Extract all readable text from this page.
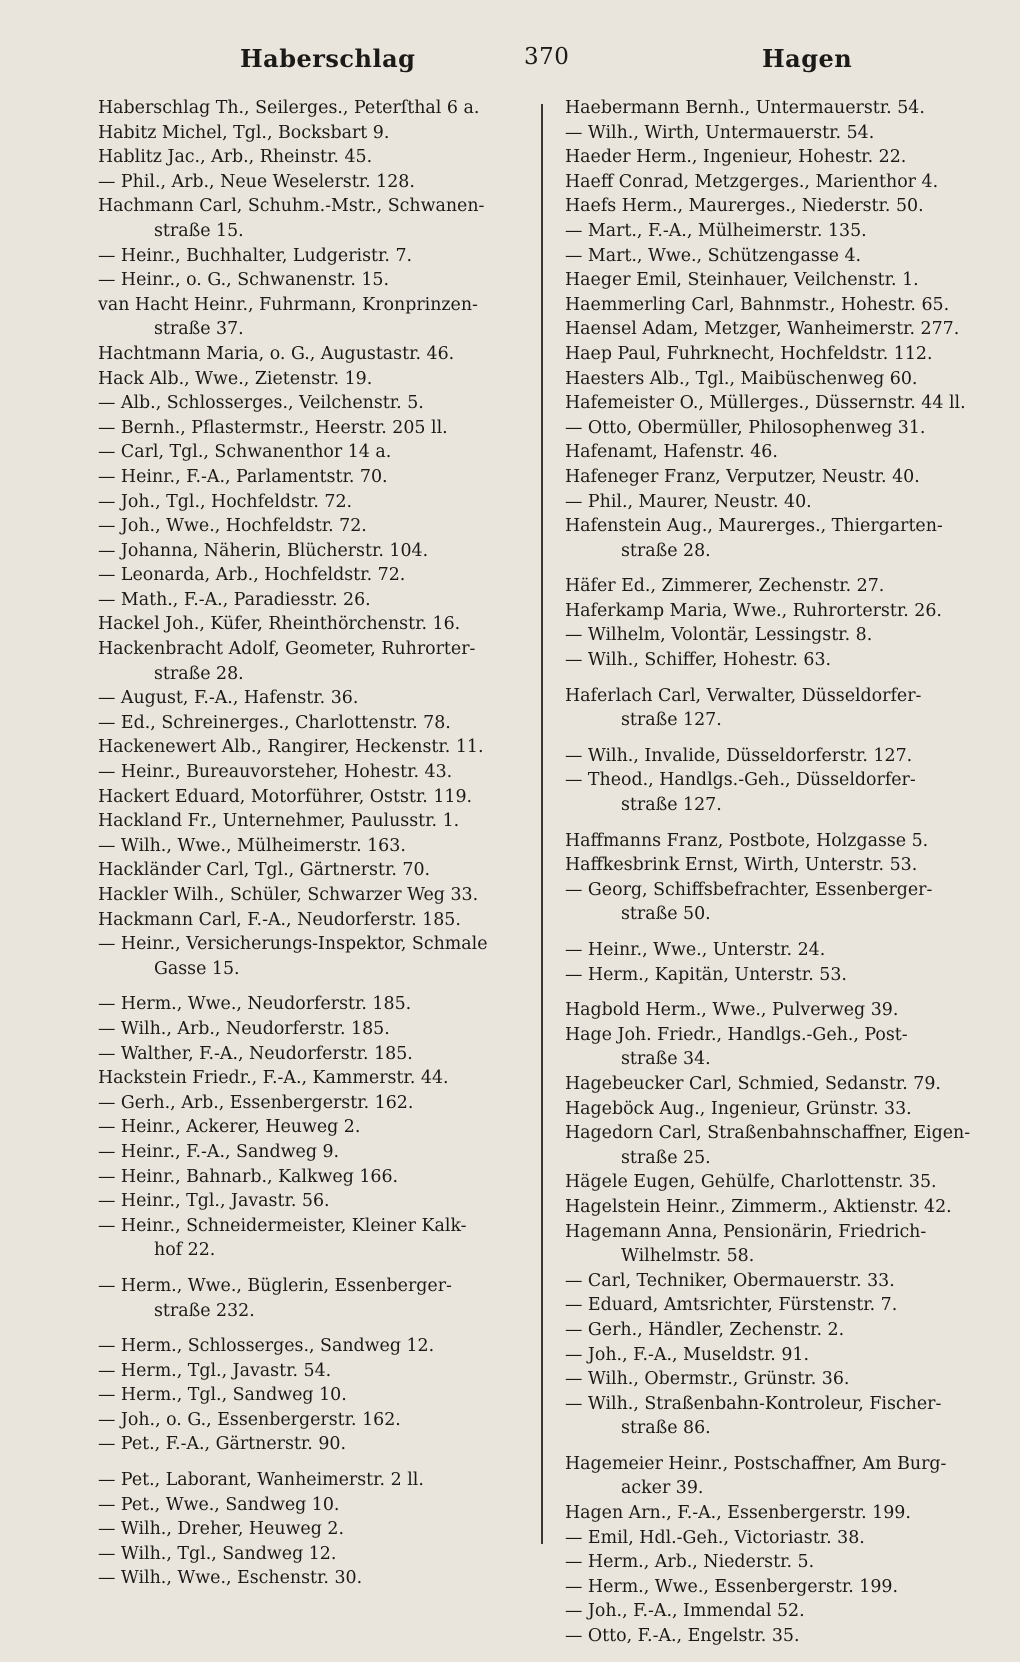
Haberschlag	370	Hagen
Haberschlag Th., Seilerges., Peterſthal 6 a.
Habitz Michel, Tgl., Bocksbart 9.
Hablitz Jac., Arb., Rheinstr. 45.
— Phil., Arb., Neue Weselerstr. 128.
Hachmann Carl, Schuhm.-Mstr., Schwanen-
straße 15.
— Heinr., Buchhalter, Ludgeristr. 7.
— Heinr., o. G., Schwanenstr. 15.
van Hacht Heinr., Fuhrmann, Kronprinzen-
straße 37.
Hachtmann Maria, o. G., Augustastr. 46.
Hack Alb., Wwe., Zietenstr. 19.
— Alb., Schlosserges., Veilchenstr. 5.
— Bernh., Pflastermstr., Heerstr. 205 ll.
— Carl, Tgl., Schwanenthor 14 a.
— Heinr., F.-A., Parlamentstr. 70.
— Joh., Tgl., Hochfeldstr. 72.
— Joh., Wwe., Hochfeldstr. 72.
— Johanna, Näherin, Blücherstr. 104.
— Leonarda, Arb., Hochfeldstr. 72.
— Math., F.-A., Paradiesstr. 26.
Hackel Joh., Küfer, Rheinthörchenstr. 16.
Hackenbracht Adolf, Geometer, Ruhrorter-
straße 28.
— August, F.-A., Hafenstr. 36.
— Ed., Schreinerges., Charlottenstr. 78.
Hackenewert Alb., Rangirer, Heckenstr. 11.
— Heinr., Bureauvorsteher, Hohestr. 43.
Hackert Eduard, Motorführer, Oststr. 119.
Hackland Fr., Unternehmer, Paulusstr. 1.
— Wilh., Wwe., Mülheimerstr. 163.
Hackländer Carl, Tgl., Gärtnerstr. 70.
Hackler Wilh., Schüler, Schwarzer Weg 33.
Hackmann Carl, F.-A., Neudorferstr. 185.
— Heinr., Versicherungs-Inspektor, Schmale
Gasse 15.
— Herm., Wwe., Neudorferstr. 185.
— Wilh., Arb., Neudorferstr. 185.
— Walther, F.-A., Neudorferstr. 185.
Hackstein Friedr., F.-A., Kammerstr. 44.
— Gerh., Arb., Essenbergerstr. 162.
— Heinr., Ackerer, Heuweg 2.
— Heinr., F.-A., Sandweg 9.
— Heinr., Bahnarb., Kalkweg 166.
— Heinr., Tgl., Javastr. 56.
— Heinr., Schneidermeister, Kleiner Kalk-
hof 22.
— Herm., Wwe., Büglerin, Essenberger-
straße 232.
— Herm., Schlosserges., Sandweg 12.
— Herm., Tgl., Javastr. 54.
— Herm., Tgl., Sandweg 10.
— Joh., o. G., Essenbergerstr. 162.
— Pet., F.-A., Gärtnerstr. 90.
— Pet., Laborant, Wanheimerstr. 2 ll.
— Pet., Wwe., Sandweg 10.
— Wilh., Dreher, Heuweg 2.
— Wilh., Tgl., Sandweg 12.
— Wilh., Wwe., Eschenstr. 30.
Haebermann Bernh., Untermauerstr. 54.
— Wilh., Wirth, Untermauerstr. 54.
Haeder Herm., Ingenieur, Hohestr. 22.
Haeff Conrad, Metzgerges., Marienthor 4.
Haefs Herm., Maurerges., Niederstr. 50.
— Mart., F.-A., Mülheimerstr. 135.
— Mart., Wwe., Schützengasse 4.
Haeger Emil, Steinhauer, Veilchenstr. 1.
Haemmerling Carl, Bahnmstr., Hohestr. 65.
Haensel Adam, Metzger, Wanheimerstr. 277.
Haep Paul, Fuhrknecht, Hochfeldstr. 112.
Haesters Alb., Tgl., Maibüschenweg 60.
Hafemeister O., Müllerges., Düssernstr. 44 ll.
— Otto, Obermüller, Philosophenweg 31.
Hafenamt, Hafenstr. 46.
Hafeneger Franz, Verputzer, Neustr. 40.
— Phil., Maurer, Neustr. 40.
Hafenstein Aug., Maurerges., Thiergarten-
straße 28.
Häfer Ed., Zimmerer, Zechenstr. 27.
Haferkamp Maria, Wwe., Ruhrorterstr. 26.
— Wilhelm, Volontär, Lessingstr. 8.
— Wilh., Schiffer, Hohestr. 63.
Haferlach Carl, Verwalter, Düsseldorfer-
straße 127.
— Wilh., Invalide, Düsseldorferstr. 127.
— Theod., Handlgs.-Geh., Düsseldorfer-
straße 127.
Haffmanns Franz, Postbote, Holzgasse 5.
Haffkesbrink Ernst, Wirth, Unterstr. 53.
— Georg, Schiffsbefrachter, Essenberger-
straße 50.
— Heinr., Wwe., Unterstr. 24.
— Herm., Kapitän, Unterstr. 53.
Hagbold Herm., Wwe., Pulverweg 39.
Hage Joh. Friedr., Handlgs.-Geh., Post-
straße 34.
Hagebeucker Carl, Schmied, Sedanstr. 79.
Hageböck Aug., Ingenieur, Grünstr. 33.
Hagedorn Carl, Straßenbahnschaffner, Eigen-
straße 25.
Hägele Eugen, Gehülfe, Charlottenstr. 35.
Hagelstein Heinr., Zimmerm., Aktienstr. 42.
Hagemann Anna, Pensionärin, Friedrich-
Wilhelmstr. 58.
— Carl, Techniker, Obermauerstr. 33.
— Eduard, Amtsrichter, Fürstenstr. 7.
— Gerh., Händler, Zechenstr. 2.
— Joh., F.-A., Museldstr. 91.
— Wilh., Obermstr., Grünstr. 36.
— Wilh., Straßenbahn-Kontroleur, Fischer-
straße 86.
Hagemeier Heinr., Postschaffner, Am Burg-
acker 39.
Hagen Arn., F.-A., Essenbergerstr. 199.
— Emil, Hdl.-Geh., Victoriastr. 38.
— Herm., Arb., Niederstr. 5.
— Herm., Wwe., Essenbergerstr. 199.
— Joh., F.-A., Immendal 52.
— Otto, F.-A., Engelstr. 35.
